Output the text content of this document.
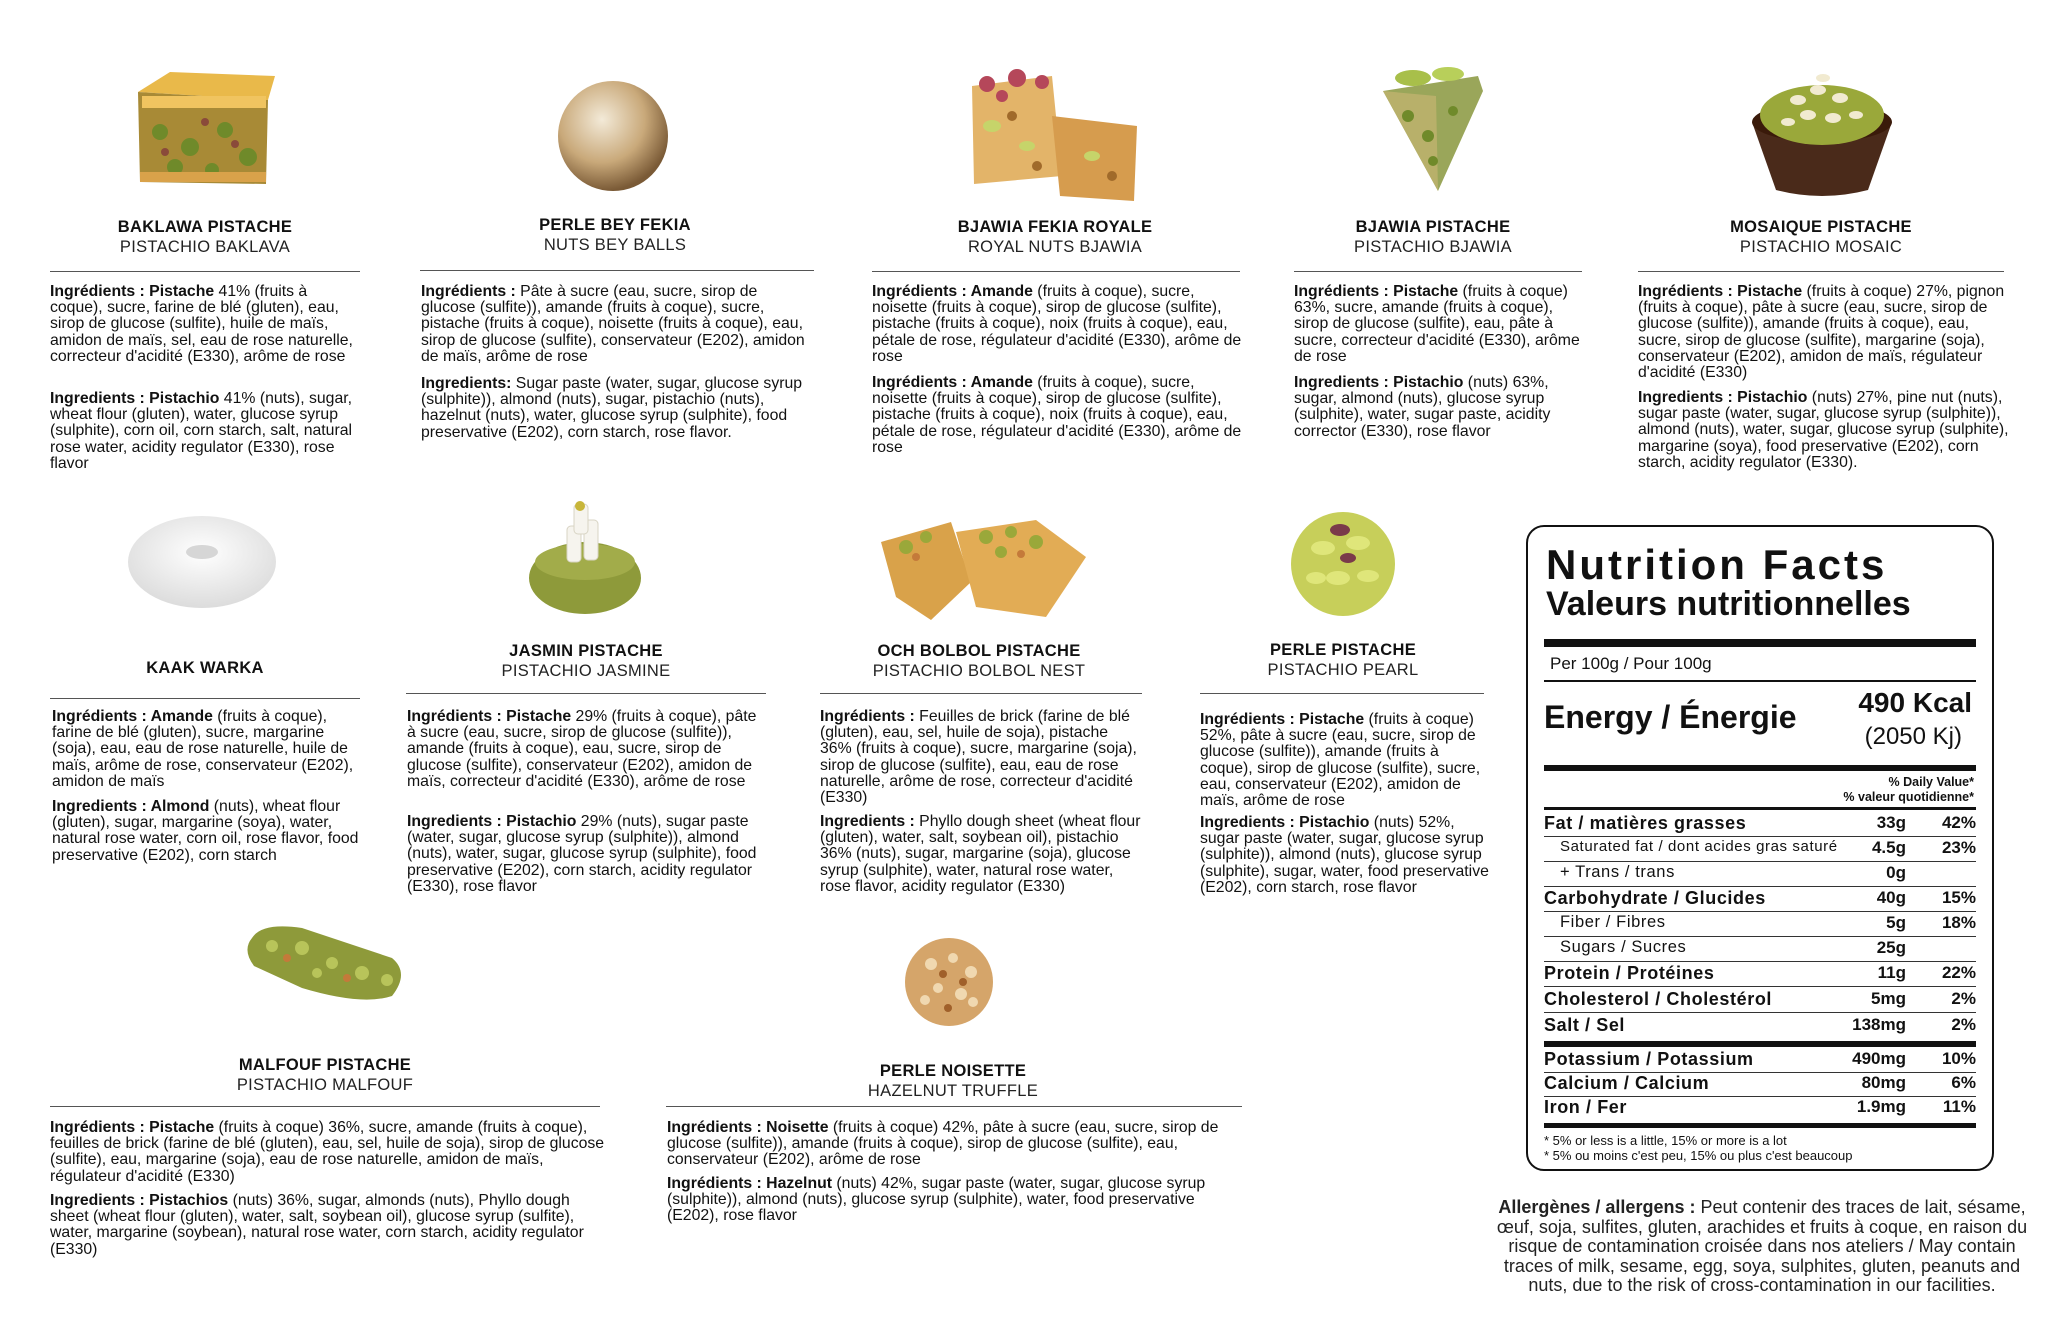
BAKLAWA PISTACHE
PISTACHIO BAKLAVA
Ingrédients : Pistache 41% (fruits à coque), sucre, farine de blé (gluten), eau, sirop de glucose (sulfite), huile de maïs, amidon de maïs, sel, eau de rose naturelle, correcteur d'acidité (E330), arôme de rose
Ingredients : Pistachio 41% (nuts), sugar, wheat flour (gluten), water, glucose syrup (sulphite), corn oil, corn starch, salt, natural rose water, acidity regulator (E330), rose flavor
PERLE BEY FEKIA
NUTS BEY BALLS
Ingrédients : Pâte à sucre (eau, sucre, sirop de glucose (sulfite)), amande (fruits à coque), sucre, pistache (fruits à coque), noisette (fruits à coque), eau, sirop de glucose (sulfite), conservateur (E202), amidon de maïs, arôme de rose
Ingredients: Sugar paste (water, sugar, glucose syrup (sulphite)), almond (nuts), sugar, pistachio (nuts), hazelnut (nuts), water, glucose syrup (sulphite), food preservative (E202), corn starch, rose flavor.
BJAWIA FEKIA ROYALE
ROYAL NUTS BJAWIA
Ingrédients : Amande (fruits à coque), sucre, noisette (fruits à coque), sirop de glucose (sulfite), pistache (fruits à coque), noix (fruits à coque), eau, pétale de rose, régulateur d'acidité (E330), arôme de rose
Ingrédients : Amande (fruits à coque), sucre, noisette (fruits à coque), sirop de glucose (sulfite), pistache (fruits à coque), noix (fruits à coque), eau, pétale de rose, régulateur d'acidité (E330), arôme de rose
BJAWIA PISTACHE
PISTACHIO BJAWIA
Ingrédients : Pistache (fruits à coque) 63%, sucre, amande (fruits à coque), sirop de glucose (sulfite), eau, pâte à sucre, correcteur d'acidité (E330), arôme de rose
Ingredients : Pistachio (nuts) 63%, sugar, almond (nuts), glucose syrup (sulphite), water, sugar paste, acidity corrector (E330), rose flavor
MOSAIQUE PISTACHE
PISTACHIO MOSAIC
Ingrédients : Pistache (fruits à coque) 27%, pignon (fruits à coque), pâte à sucre (eau, sucre, sirop de glucose (sulfite)), amande (fruits à coque), eau, sucre, sirop de glucose (sulfite), margarine (soja), conservateur (E202), amidon de maïs, régulateur d'acidité (E330)
Ingredients : Pistachio (nuts) 27%, pine nut (nuts), sugar paste (water, sugar, glucose syrup (sulphite)), almond (nuts), water, sugar, glucose syrup (sulphite), margarine (soya), food preservative (E202), corn starch, acidity regulator (E330).
KAAK WARKA
Ingrédients : Amande (fruits à coque), farine de blé (gluten), sucre, margarine (soja), eau, eau de rose naturelle, huile de maïs, arôme de rose, conservateur (E202), amidon de maïs
Ingredients : Almond (nuts), wheat flour (gluten), sugar, margarine (soya), water, natural rose water, corn oil, rose flavor, food preservative (E202), corn starch
JASMIN PISTACHE
PISTACHIO JASMINE
Ingrédients : Pistache 29% (fruits à coque), pâte à sucre (eau, sucre, sirop de glucose (sulfite)), amande (fruits à coque), eau, sucre, sirop de glucose (sulfite), conservateur (E202), amidon de maïs, correcteur d'acidité (E330), arôme de rose
Ingredients : Pistachio 29% (nuts), sugar paste (water, sugar, glucose syrup (sulphite)), almond (nuts), water, sugar, glucose syrup (sulphite), food preservative (E202), corn starch, acidity regulator (E330), rose flavor
OCH BOLBOL PISTACHE
PISTACHIO BOLBOL NEST
Ingrédients : Feuilles de brick (farine de blé (gluten), eau, sel, huile de soja), pistache 36% (fruits à coque), sucre, margarine (soja), sirop de glucose (sulfite), eau, eau de rose naturelle, arôme de rose, correcteur d'acidité (E330)
Ingredients : Phyllo dough sheet (wheat flour (gluten), water, salt, soybean oil), pistachio 36% (nuts), sugar, margarine (soja), glucose syrup (sulphite), water, natural rose water, rose flavor, acidity regulator (E330)
PERLE PISTACHE
PISTACHIO PEARL
Ingrédients : Pistache (fruits à coque) 52%, pâte à sucre (eau, sucre, sirop de glucose (sulfite)), amande (fruits à coque), sirop de glucose (sulfite), sucre, eau, conservateur (E202), amidon de maïs, arôme de rose
Ingredients : Pistachio (nuts) 52%, sugar paste (water, sugar, glucose syrup (sulphite)), almond (nuts), glucose syrup (sulphite), sugar, water, food preservative (E202), corn starch, rose flavor
MALFOUF PISTACHE
PISTACHIO MALFOUF
Ingrédients : Pistache (fruits à coque) 36%, sucre, amande (fruits à coque), feuilles de brick (farine de blé (gluten), eau, sel, huile de soja), sirop de glucose (sulfite), eau, margarine (soja), eau de rose naturelle, amidon de maïs, régulateur d'acidité (E330)
Ingredients : Pistachios (nuts) 36%, sugar, almonds (nuts), Phyllo dough sheet (wheat flour (gluten), water, salt, soybean oil), glucose syrup (sulfite), water, margarine (soybean), natural rose water, corn starch, acidity regulator (E330)
PERLE NOISETTE
HAZELNUT TRUFFLE
Ingrédients : Noisette (fruits à coque) 42%, pâte à sucre (eau, sucre, sirop de glucose (sulfite)), amande (fruits à coque), sirop de glucose (sulfite), eau, conservateur (E202), arôme de rose
Ingrédients : Hazelnut (nuts) 42%, sugar paste (water, sugar, glucose syrup (sulphite)), almond (nuts), glucose syrup (sulphite), water, food preservative (E202), rose flavor
Nutrition Facts
Valeurs nutritionnelles
Per 100g / Pour 100g
Energy / Énergie 490 Kcal
(2050 Kj)
% Daily Value*
% valeur quotidienne*
Fat / matières grasses	33g 42%
Saturated fat / dont acides gras saturé 4.5g 23%
+ Trans / trans	0g
Carbohydrate / Glucides	40g 15%
Fiber / Fibres	5g 18%
Sugars / Sucres	25g
Protein / Protéines	11g 22%
Cholesterol / Cholestérol	5mg	2%
Salt / Sel	138mg	2%
Potassium / Potassium	490mg 10%
Calcium / Calcium	80mg	6%
Iron / Fer	1.9mg 11%
* 5% or less is a little, 15% or more is a lot
* 5% ou moins c'est peu, 15% ou plus c'est beaucoup
Allergènes / allergens : Peut contenir des traces de lait, sésame, œuf, soja, sulfites, gluten, arachides et fruits à coque, en raison du risque de contamination croisée dans nos ateliers / May contain traces of milk, sesame, egg, soya, sulphites, gluten, peanuts and nuts, due to the risk of cross-contamination in our facilities.
